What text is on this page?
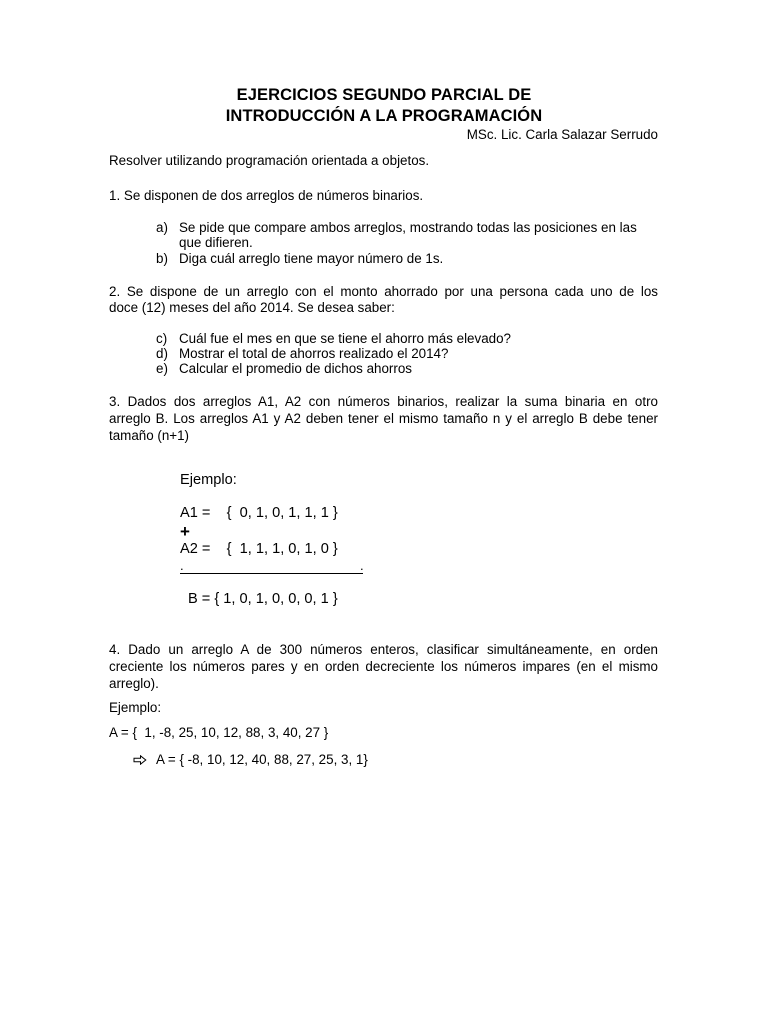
EJERCICIOS SEGUNDO PARCIAL DE
INTRODUCCIÓN A LA PROGRAMACIÓN
MSc. Lic. Carla Salazar Serrudo
Resolver utilizando programación orientada a objetos.
1. Se disponen de dos arreglos de números binarios.
a) Se pide que compare ambos arreglos, mostrando todas las posiciones en las que difieren.
b) Diga cuál arreglo tiene mayor número de 1s.
2. Se dispone de un arreglo con el monto ahorrado por una persona cada uno de los
doce (12) meses del año 2014. Se desea saber:
c) Cuál fue el mes en que se tiene el ahorro más elevado?
d) Mostrar el total de ahorros realizado el 2014?
e) Calcular el promedio de dichos ahorros
3. Dados dos arreglos A1, A2 con números binarios, realizar la suma binaria en otro
arreglo B. Los arreglos A1 y A2 deben tener el mismo tamaño n y el arreglo B debe tener
tamaño (n+1)
Ejemplo:
A1 =    {  0, 1, 0, 1, 1, 1 }
+
A2 =    {  1, 1, 1, 0, 1, 0 }
.	.
B = { 1, 0, 1, 0, 0, 0, 1 }
4. Dado un arreglo A de 300 números enteros, clasificar simultáneamente, en orden
creciente los números pares y en orden decreciente los números impares (en el mismo
arreglo).
Ejemplo:
A = {  1, -8, 25, 10, 12, 88, 3, 40, 27 }
A = { -8, 10, 12, 40, 88, 27, 25, 3, 1}
